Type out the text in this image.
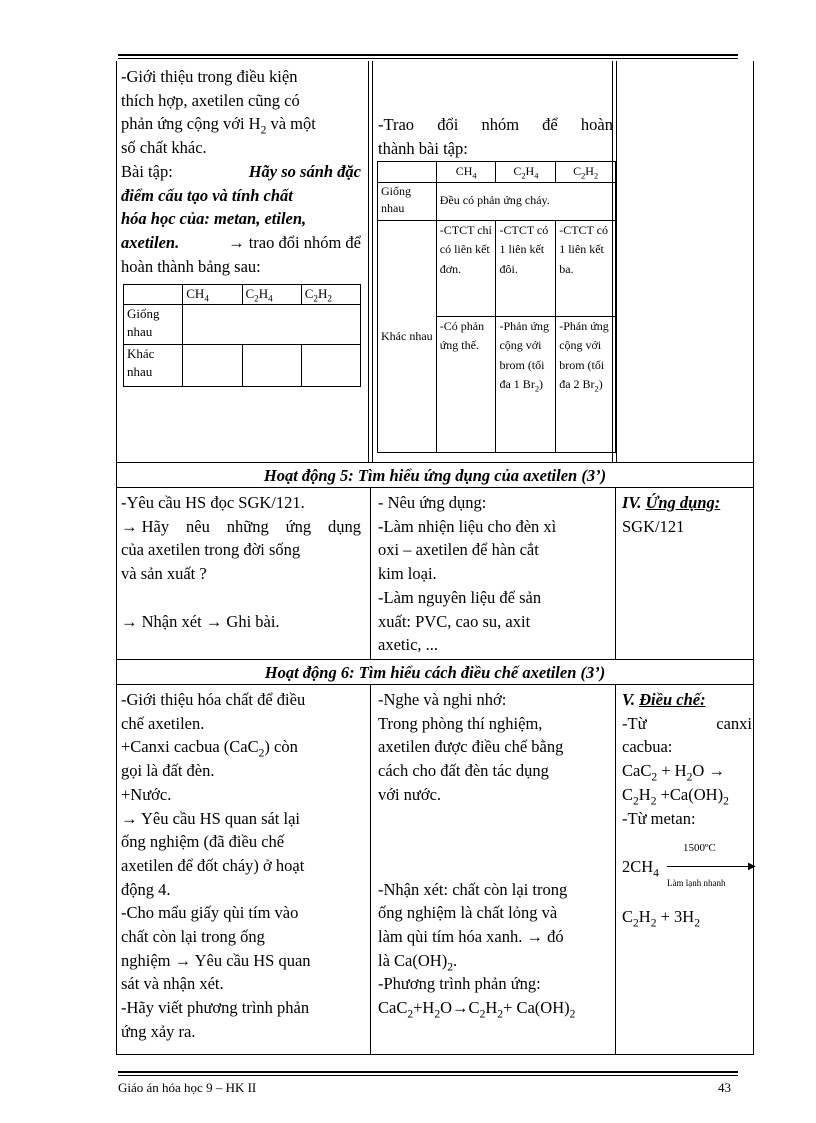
Giáo án hóa học 9 – HK II	43
-Giới thiệu trong điều kiện
thích hợp, axetilen cũng có
phản ứng cộng với $H_2$ và một
số chất khác.
Bài tập:	Hãy so sánh đặc
điểm cấu tạo và tính chất
hóa học của: metan, etilen,
axetilen.
	→ trao đổi nhóm để
hoàn thành bảng sau:
	$CH_4$	$C_2H_4$	$C_2H_2$
Giống nhau			
Khác nhau			
-Trao đổi nhóm để hoàn
thành bài tập:
	$CH_4$	$C_2H_4$	$C_2H_2$
Giống nhau	Đều có phản ứng cháy.		
Khác nhau	-CTCT chỉ có liên kết đơn.	-CTCT có 1 liên kết đôi.	-CTCT có 1 liên kết ba.
	-Có phản ứng thế.	-Phản ứng cộng với brom (tối đa 1 $Br_2$)	-Phản ứng cộng với brom (tối đa 2 $Br_2$)
Hoạt động 5: Tìm hiểu ứng dụng của axetilen (3’)
-Yêu cầu HS đọc SGK/121.
→ Hãy nêu những ứng dụng
của axetilen trong đời sống
và sản xuất ?
→ Nhận xét → Ghi bài.
- Nêu ứng dụng:
-Làm nhiện liệu cho đèn xì
oxi – axetilen để hàn cắt
kim loại.
-Làm nguyên liệu để sản
xuất: PVC, cao su, axit
axetic, ...
IV. Ứng dụng:
SGK/121
Hoạt động 6: Tìm hiểu cách điều chế axetilen (3’)
-Giới thiệu hóa chất để điều
chế axetilen.
+Canxi cacbua (CaC$_2$) còn
gọi là đất đèn.
+Nước.
→ Yêu cầu HS quan sát lại
ống nghiệm (đã điều chế
axetilen để đốt cháy) ở hoạt
động 4.
-Cho mẩu giấy qùi tím vào
chất còn lại trong ống
nghiệm → Yêu cầu HS quan
sát và nhận xét.
-Hãy viết phương trình phản
ứng xảy ra.
-Nghe và nghi nhớ:
Trong phòng thí nghiệm,
axetilen được điều chế bằng
cách cho đất đèn tác dụng
với nước.
-Nhận xét: chất còn lại trong
ống nghiệm là chất lỏng và
làm qùi tím hóa xanh. → đó
là $Ca(OH)_2$.
-Phương trình phản ứng:
$CaC_2+H_2O\to C_2H_2+ Ca(OH)_2$
V. Điều chế:
-Từ	canxi
cacbua:
$CaC_2 + H_2O$ →
$C_2H_2 +Ca(OH)_2$
-Từ metan:
1500ºC
$2CH_4$
▶
Làm lạnh nhanh
$C_2H_2 + 3H_2$
